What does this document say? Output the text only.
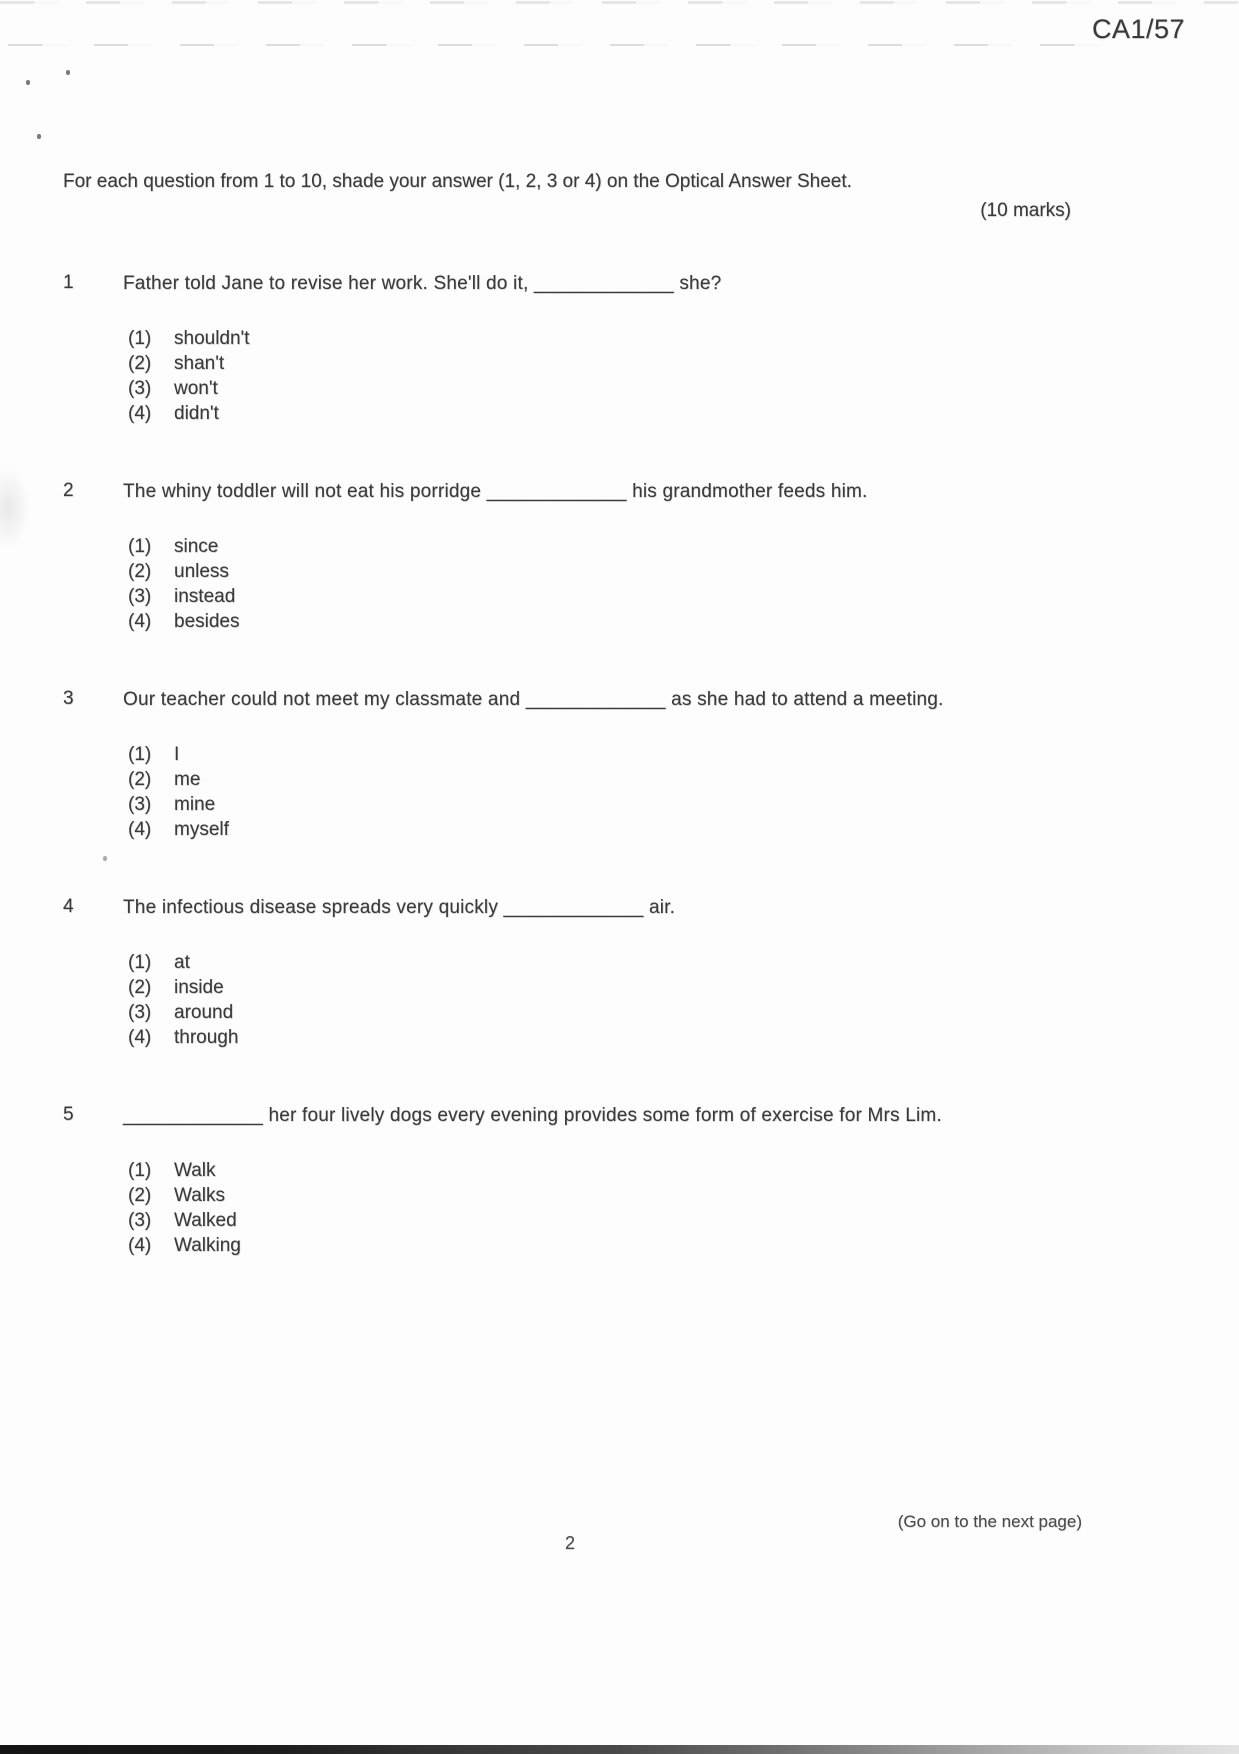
CA1/57

For each question from 1 to 10, shade your answer (1, 2, 3 or 4) on the Optical Answer Sheet.

(10 marks)

1	Father told Jane to revise her work. She'll do it, _____________ she?

(1)	shouldn't
(2)	shan't
(3)	won't
(4)	didn't
2	The whiny toddler will not eat his porridge _____________ his grandmother feeds him.

(1)	since
(2)	unless
(3)	instead
(4)	besides
3	Our teacher could not meet my classmate and _____________ as she had to attend a meeting.

(1)	I
(2)	me
(3)	mine
(4)	myself
4	The infectious disease spreads very quickly _____________ air.

(1)	at
(2)	inside
(3)	around
(4)	through
5	_____________ her four lively dogs every evening provides some form of exercise for Mrs Lim.

(1)	Walk
(2)	Walks
(3)	Walked
(4)	Walking
(Go on to the next page)
2
